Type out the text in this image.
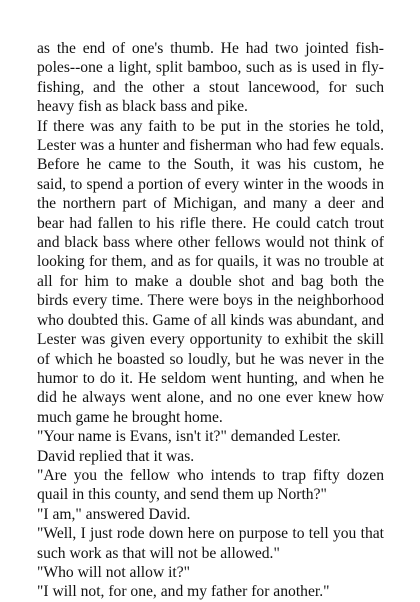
as the end of one's thumb. He had two jointed fish-poles--one a light, split bamboo, such as is used in fly-fishing, and the other a stout lancewood, for such heavy fish as black bass and pike.

If there was any faith to be put in the stories he told, Lester was a hunter and fisherman who had few equals. Before he came to the South, it was his custom, he said, to spend a portion of every winter in the woods in the northern part of Michigan, and many a deer and bear had fallen to his rifle there. He could catch trout and black bass where other fellows would not think of looking for them, and as for quails, it was no trouble at all for him to make a double shot and bag both the birds every time. There were boys in the neighborhood who doubted this. Game of all kinds was abundant, and Lester was given every opportunity to exhibit the skill of which he boasted so loudly, but he was never in the humor to do it. He seldom went hunting, and when he did he always went alone, and no one ever knew how much game he brought home.

"Your name is Evans, isn't it?" demanded Lester.

David replied that it was.

"Are you the fellow who intends to trap fifty dozen quail in this county, and send them up North?"

"I am," answered David.

"Well, I just rode down here on purpose to tell you that such work as that will not be allowed."

"Who will not allow it?"

"I will not, for one, and my father for another."
